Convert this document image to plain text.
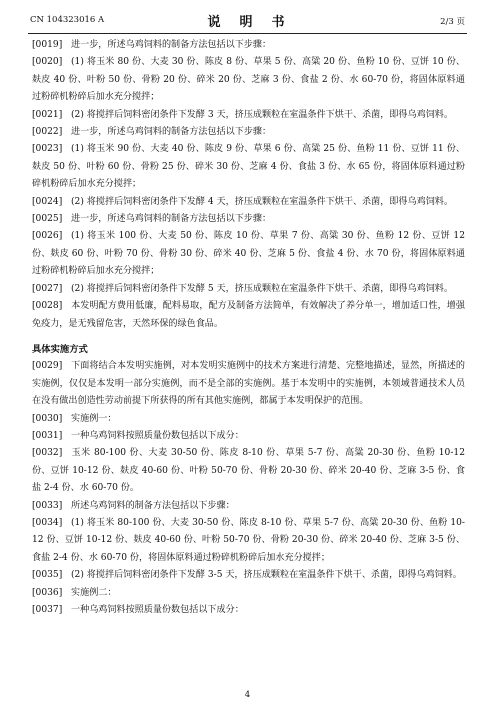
CN 104323016 A	说　明　书	2/3 页

[0019] 进一步，所述乌鸡饲料的制备方法包括以下步骤：

[0020] (1) 将玉米 80 份、大麦 30 份、陈皮 8 份、草果 5 份、高粱 20 份、鱼粉 10 份、豆饼 10 份、麸皮 40 份、叶粉 50 份、骨粉 20 份、碎米 20 份、芝麻 3 份、食盐 2 份、水 60-70 份，将固体原料通过粉碎机粉碎后加水充分搅拌；

[0021] (2) 将搅拌后饲料密闭条件下发酵 3 天，挤压成颗粒在室温条件下烘干、杀菌，即得乌鸡饲料。

[0022] 进一步，所述乌鸡饲料的制备方法包括以下步骤：

[0023] (1) 将玉米 90 份、大麦 40 份、陈皮 9 份、草果 6 份、高粱 25 份、鱼粉 11 份、豆饼 11 份、麸皮 50 份、叶粉 60 份、骨粉 25 份、碎米 30 份、芝麻 4 份、食盐 3 份、水 65 份，将固体原料通过粉碎机粉碎后加水充分搅拌；

[0024] (2) 将搅拌后饲料密闭条件下发酵 4 天，挤压成颗粒在室温条件下烘干、杀菌，即得乌鸡饲料。

[0025] 进一步，所述乌鸡饲料的制备方法包括以下步骤：

[0026] (1) 将玉米 100 份、大麦 50 份、陈皮 10 份、草果 7 份、高粱 30 份、鱼粉 12 份、豆饼 12 份、麸皮 60 份、叶粉 70 份、骨粉 30 份、碎米 40 份、芝麻 5 份、食盐 4 份、水 70 份，将固体原料通过粉碎机粉碎后加水充分搅拌；

[0027] (2) 将搅拌后饲料密闭条件下发酵 5 天，挤压成颗粒在室温条件下烘干、杀菌，即得乌鸡饲料。

[0028] 本发明配方费用低廉，配料易取，配方及制备方法简单，有效解决了养分单一，增加适口性，增强免疫力，是无残留危害，天然环保的绿色食品。

具体实施方式

[0029] 下面将结合本发明实施例，对本发明实施例中的技术方案进行清楚、完整地描述，显然，所描述的实施例，仅仅是本发明一部分实施例，而不是全部的实施例。基于本发明中的实施例，本领域普通技术人员在没有做出创造性劳动前提下所获得的所有其他实施例，都属于本发明保护的范围。

[0030] 实施例一：

[0031] 一种乌鸡饲料按照质量份数包括以下成分：

[0032] 玉米 80-100 份、大麦 30-50 份、陈皮 8-10 份、草果 5-7 份、高粱 20-30 份、鱼粉 10-12 份、豆饼 10-12 份、麸皮 40-60 份、叶粉 50-70 份、骨粉 20-30 份、碎米 20-40 份、芝麻 3-5 份、食盐 2-4 份、水 60-70 份。

[0033] 所述乌鸡饲料的制备方法包括以下步骤：

[0034] (1) 将玉米 80-100 份、大麦 30-50 份、陈皮 8-10 份、草果 5-7 份、高粱 20-30 份、鱼粉 10-12 份、豆饼 10-12 份、麸皮 40-60 份、叶粉 50-70 份、骨粉 20-30 份、碎米 20-40 份、芝麻 3-5 份、食盐 2-4 份、水 60-70 份，将固体原料通过粉碎机粉碎后加水充分搅拌；

[0035] (2) 将搅拌后饲料密闭条件下发酵 3-5 天，挤压成颗粒在室温条件下烘干、杀菌，即得乌鸡饲料。

[0036] 实施例二：

[0037] 一种乌鸡饲料按照质量份数包括以下成分：

4
